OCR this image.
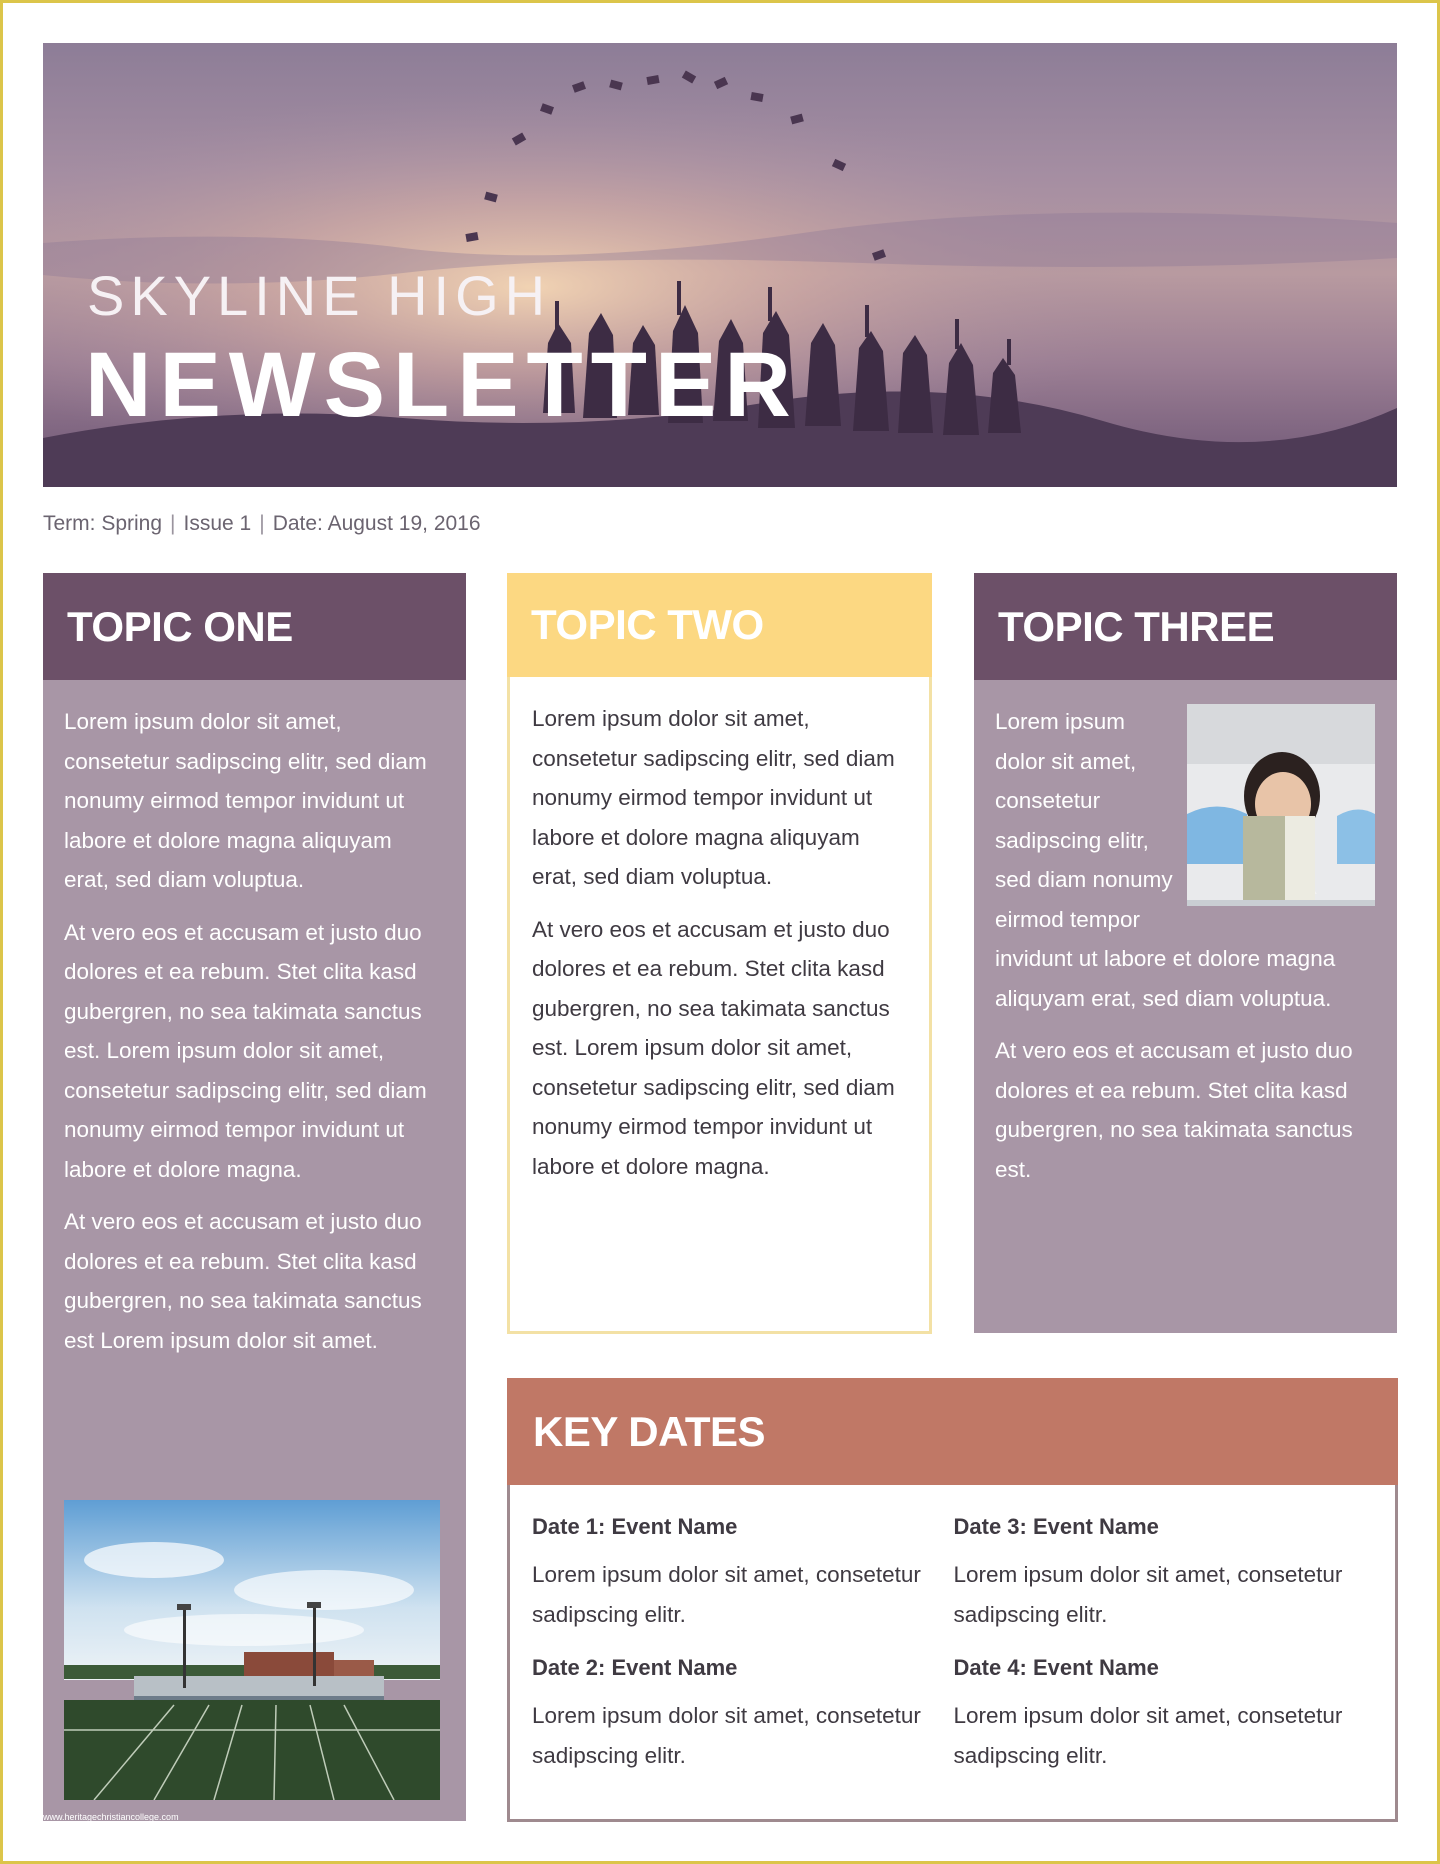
SKYLINE HIGH
NEWSLETTER
Term: Spring | Issue 1 | Date: August 19, 2016
TOPIC ONE

Lorem ipsum dolor sit amet, consetetur sadipscing elitr, sed diam nonumy eirmod tempor invidunt ut labore et dolore magna aliquyam erat, sed diam voluptua.

At vero eos et accusam et justo duo dolores et ea rebum. Stet clita kasd gubergren, no sea takimata sanctus est. Lorem ipsum dolor sit amet, consetetur sadipscing elitr, sed diam nonumy eirmod tempor invidunt ut labore et dolore magna.

At vero eos et accusam et justo duo dolores et ea rebum. Stet clita kasd gubergren, no sea takimata sanctus est Lorem ipsum dolor sit amet.

www.heritagechristiancollege.com
TOPIC TWO

Lorem ipsum dolor sit amet, consetetur sadipscing elitr, sed diam nonumy eirmod tempor invidunt ut labore et dolore magna aliquyam erat, sed diam voluptua.

At vero eos et accusam et justo duo dolores et ea rebum. Stet clita kasd gubergren, no sea takimata sanctus est. Lorem ipsum dolor sit amet, consetetur sadipscing elitr, sed diam nonumy eirmod tempor invidunt ut labore et dolore magna.

TOPIC THREE

Lorem ipsum dolor sit amet, consetetur sadipscing elitr, sed diam nonumy eirmod tempor invidunt ut labore et dolore magna aliquyam erat, sed diam voluptua.

At vero eos et accusam et justo duo dolores et ea rebum. Stet clita kasd gubergren, no sea takimata sanctus est.

KEY DATES
Date 1: Event Name
Lorem ipsum dolor sit amet, consetetur sadipscing elitr.
Date 2: Event Name
Lorem ipsum dolor sit amet, consetetur sadipscing elitr.
Date 3: Event Name
Lorem ipsum dolor sit amet, consetetur sadipscing elitr.
Date 4: Event Name
Lorem ipsum dolor sit amet, consetetur sadipscing elitr.
